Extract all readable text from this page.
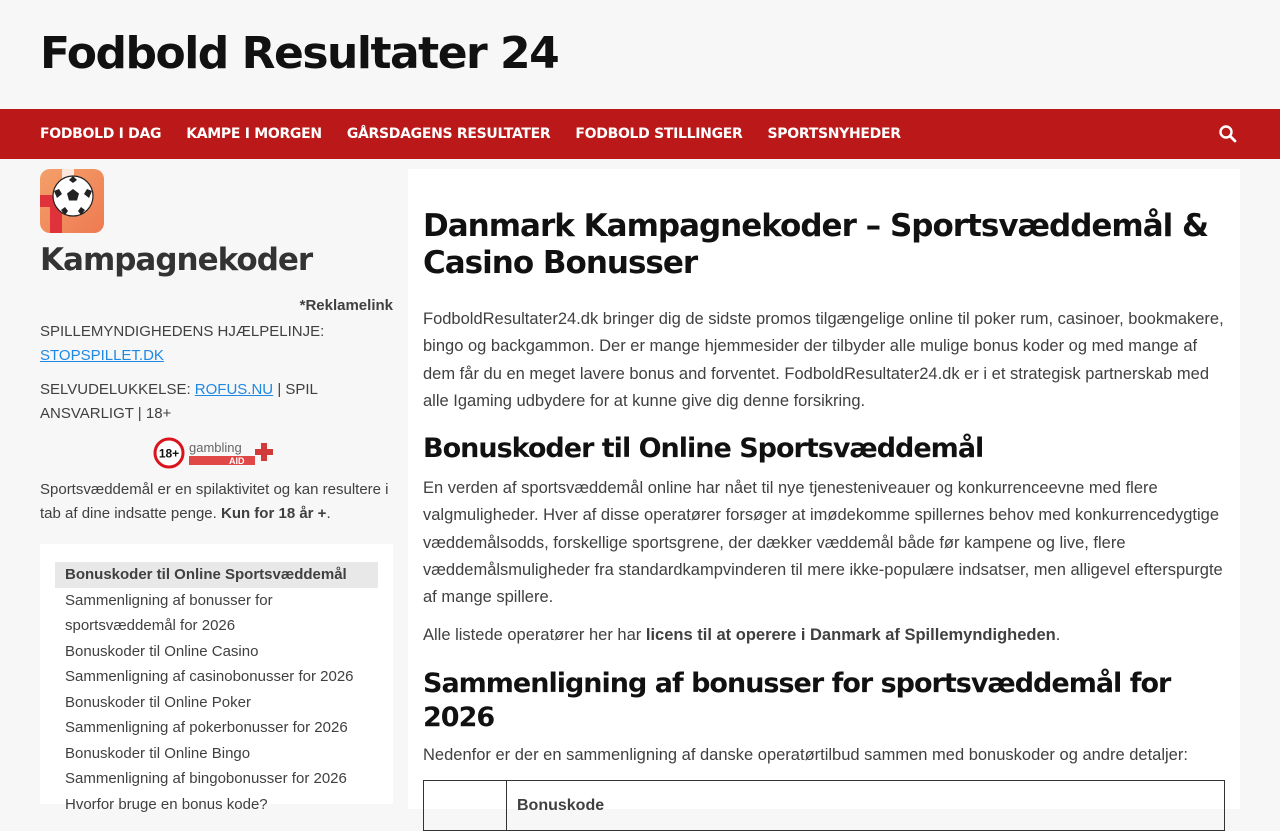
Fodbold Resultater 24
FODBOLD I DAG KAMPE I MORGEN GÅRSDAGENS RESULTATER FODBOLD STILLINGER SPORTSNYHEDER
Kampagnekoder
*Reklamelink
SPILLEMYNDIGHEDENS HJÆLPELINJE:
STOPSPILLET.DK
SELVUDELUKKELSE: ROFUS.NU | SPIL ANSVARLIGT | 18+
18+ gambling
AID

Sportsvæddemål er en spilaktivitet og kan resultere i tab af dine indsatte penge. Kun for 18 år +.

Bonuskoder til Online Sportsvæddemål
Sammenligning af bonusser for sportsvæddemål for 2026
Bonuskoder til Online Casino
Sammenligning af casinobonusser for 2026
Bonuskoder til Online Poker
Sammenligning af pokerbonusser for 2026
Bonuskoder til Online Bingo
Sammenligning af bingobonusser for 2026
Hvorfor bruge en bonus kode?
Danmark Kampagnekoder – Sportsvæddemål & Casino Bonusser

FodboldResultater24.dk bringer dig de sidste promos tilgængelige online til poker rum, casinoer, bookmakere, bingo og backgammon. Der er mange hjemmesider der tilbyder alle mulige bonus koder og med mange af dem får du en meget lavere bonus and forventet. FodboldResultater24.dk er i et strategisk partnerskab med alle Igaming udbydere for at kunne give dig denne forsikring.

Bonuskoder til Online Sportsvæddemål

En verden af sportsvæddemål online har nået til nye tjenesteniveauer og konkurrenceevne med flere valgmuligheder. Hver af disse operatører forsøger at imødekomme spillernes behov med konkurrencedygtige væddemålsodds, forskellige sportsgrene, der dækker væddemål både før kampene og live, flere væddemålsmuligheder fra standardkampvinderen til mere ikke-populære indsatser, men alligevel efterspurgte af mange spillere.

Alle listede operatører her har licens til at operere i Danmark af Spillemyndigheden.

Sammenligning af bonusser for sportsvæddemål for 2026

Nedenfor er der en sammenligning af danske operatørtilbud sammen med bonuskoder og andre detaljer:

	Bonuskode
